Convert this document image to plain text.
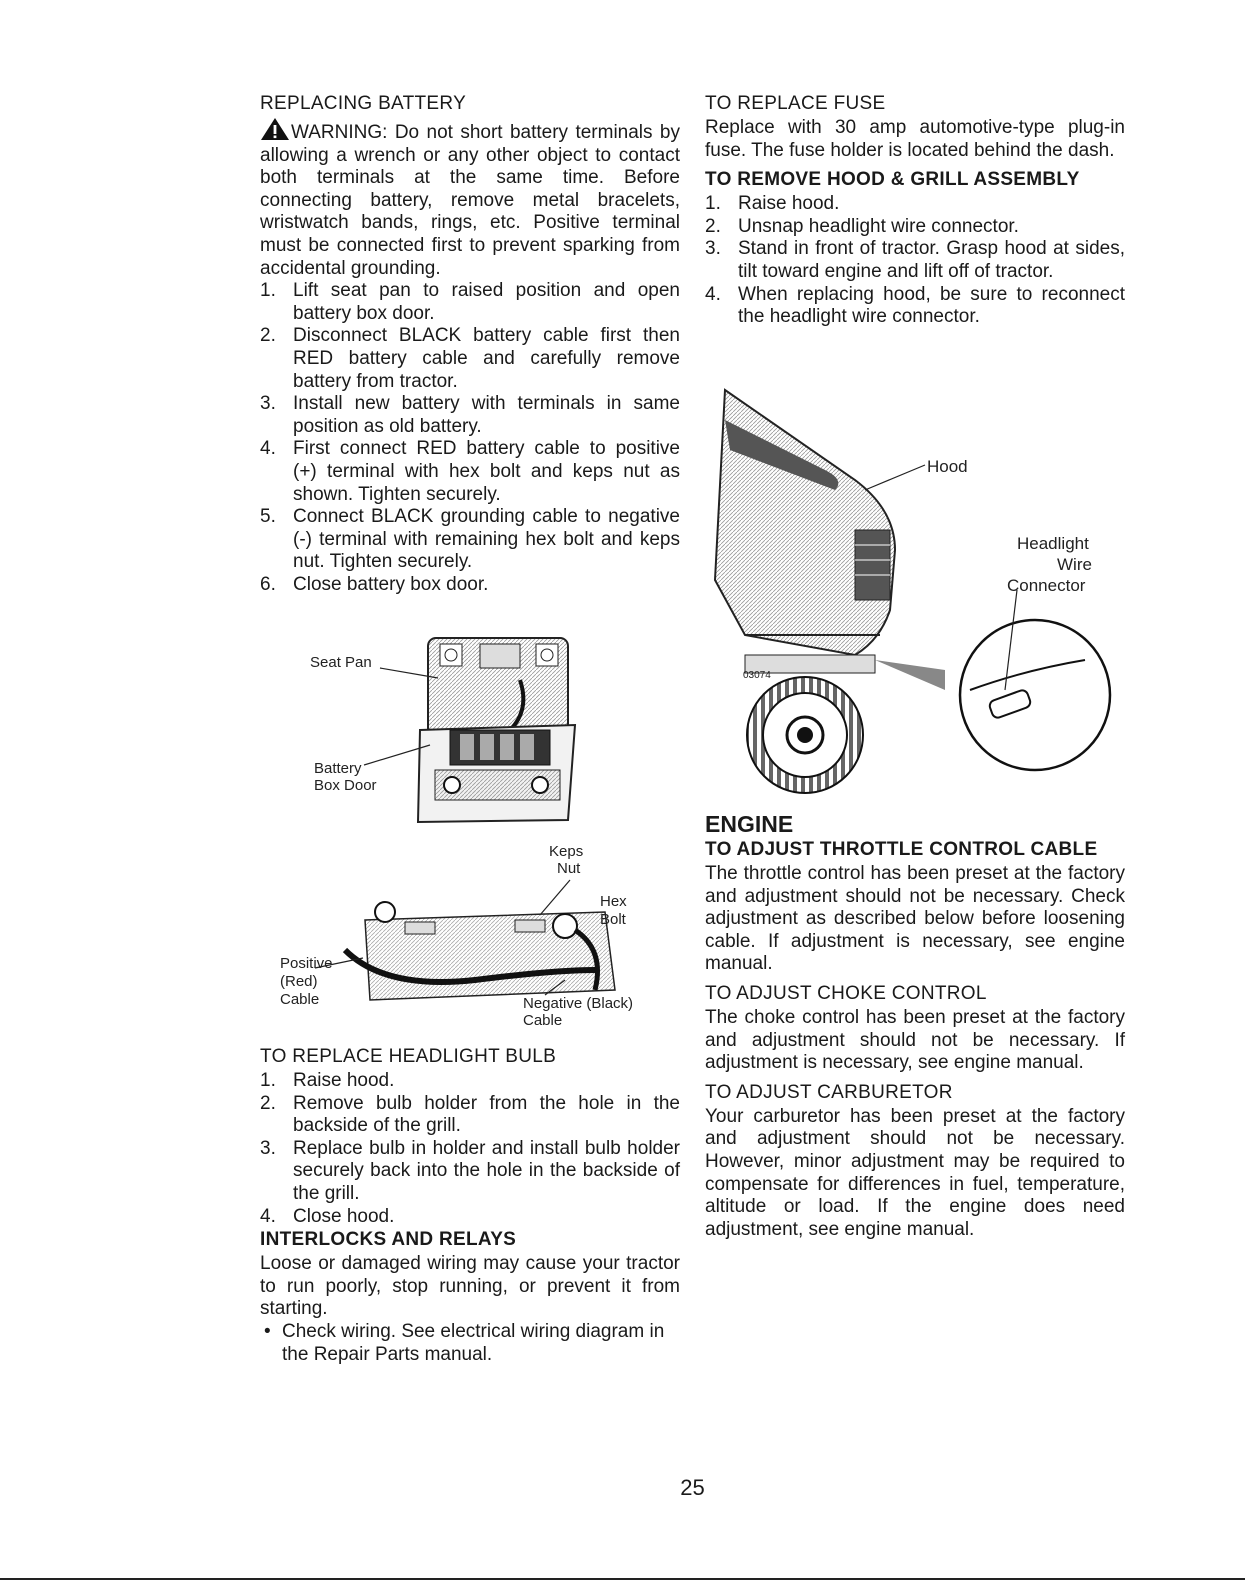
REPLACING BATTERY

WARNING: Do not short battery terminals by allowing a wrench or any other object to contact both terminals at the same time. Before connecting battery, remove metal bracelets, wristwatch bands, rings, etc. Positive terminal must be connected first to prevent sparking from accidental grounding.

1. Lift seat pan to raised position and open battery box door.
2. Disconnect BLACK battery cable first then RED battery cable and carefully remove battery from tractor.
3. Install new battery with terminals in same position as old battery.
4. First connect RED battery cable to positive (+) terminal with hex bolt and keps nut as shown. Tighten securely.
5. Connect BLACK grounding cable to negative (-) terminal with remaining hex bolt and keps nut. Tighten securely.
6. Close battery box door.
Seat Pan
Battery
Box Door
Keps
Nut
Hex
Bolt
Positive
(Red)
Cable	Negative (Black)
Cable
TO REPLACE HEADLIGHT BULB
1. Raise hood.
2. Remove bulb holder from the hole in the backside of the grill.
3. Replace bulb in holder and install bulb holder securely back into the hole in the backside of the grill.
4. Close hood.
INTERLOCKS AND RELAYS

Loose or damaged wiring may cause your tractor to run poorly, stop running, or prevent it from starting.

• Check wiring. See electrical wiring diagram in the Repair Parts manual.
TO REPLACE FUSE

Replace with 30 amp automotive-type plug-in fuse. The fuse holder is located behind the dash.

TO REMOVE HOOD & GRILL ASSEMBLY
1. Raise hood.
2. Unsnap headlight wire connector.
3. Stand in front of tractor. Grasp hood at sides, tilt toward engine and lift off of tractor.
4. When replacing hood, be sure to reconnect the headlight wire connector.
Hood
Headlight
Wire
Connector
03074
ENGINE
TO ADJUST THROTTLE CONTROL CABLE

The throttle control has been preset at the factory and adjustment should not be necessary. Check adjustment as described below before loosening cable. If adjustment is necessary, see engine manual.

TO ADJUST CHOKE CONTROL

The choke control has been preset at the factory and adjustment should not be necessary. If adjustment is necessary, see engine manual.

TO ADJUST CARBURETOR

Your carburetor has been preset at the factory and adjustment should not be necessary. However, minor adjustment may be required to compensate for differences in fuel, temperature, altitude or load. If the engine does need adjustment, see engine manual.

25
